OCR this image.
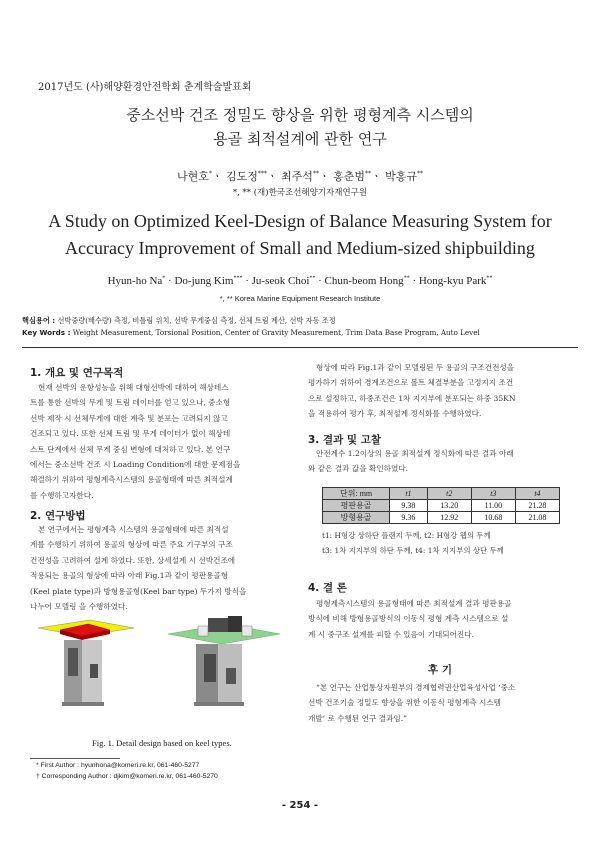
2017년도 (사)해양환경안전학회 춘계학술발표회
중소선박 건조 정밀도 향상을 위한 평형계측 시스템의
용골 최적설계에 관한 연구
나현호*ㆍ 김도정***ㆍ 최주석**ㆍ 홍춘범**ㆍ 박홍규**
*, ** (재)한국조선해양기자재연구원
A Study on Optimized Keel-Design of Balance Measuring System for
Accuracy Improvement of Small and Medium-sized shipbuilding
Hyun-ho Na* · Do-jung Kim*** · Ju-seok Choi** · Chun-beom Hong** · Hong-kyu Park**
*, ** Korea Marine Equipment Research Institute
핵심용어 : 선박중량(배수량) 측정, 비틀림 위치, 선박 무게중심 측정, 선체 트림 계산, 선박 자동 조정
Key Words : Weight Measurement, Torsional Position, Center of Gravity Measurement, Trim Data Base Program, Auto Level
1. 개요 및 연구목적
현재 선박의 운항성능을 위해 대형선박에 대하여 해상테스
트를 통한 선박의 무게 및 트림 데이터를 얻고 있으나, 중소형
선박 제작 시 선체무게에 대한 계측 및 분포는 고려되지 않고
건조되고 있다. 또한 선체 트림 및 무게 데이터가 없이 해상테
스트 단계에서 선체 무게 중심 변형에 대처하고 있다. 본 연구
에서는 중소선박 건조 시 Loading Condition에 대한 문제점을
해결하기 위하여 평형계측시스템의 용골형태에 따른 최적설계
를 수행하고자한다.
2. 연구방법
본 연구에서는 평형계측 시스템의 용골형태에 따른 최적설
계를 수행하기 위하여 용골의 형상에 따른 주요 기구부의 구조
건전성을 고려하여 설계 하였다. 또한, 상세설계 시 선박건조에
적용되는 용골의 형상에 따라 아래 Fig.1과 같이 평판용골형
(Keel plate type)과 방형용골형(Keel bar type) 두가지 방식을
나누어 모델링 을 수행하였다.
Fig. 1. Detail design based on keel types.
* First Author : hyunhona@komeri.re.kr, 061-460-5277
† Corresponding Author : djkim@komeri.re.kr, 061-460-5270
형상에 따라 Fig.1과 같이 모델링된 두 용골의 구조건전성을
평가하기 위하여 경계조건으로 볼트 체결부분을 고정지지 조건
으로 설정하고, 하중조건은 1차 지지부에 분포되는 하중 35KN
을 적용하여 평가 후, 최적설계 정식화를 수행하였다.
3. 결과 및 고찰
안전계수 1.2이상의 용골 최적설계 정식화에 따른 결과 아래
와 같은 결과 값을 확인하였다.
단위: mm	t1	t2	t3	t4
평판용골	9.38	13.20	11.00	21.28
방형용골	9.36	12.92	10.68	21.08
t1: H형강 상하단 플랜지 두께, t2: H형강 웹의 두께
t3: 1차 지지부의 하단 두께, t4: 1차 지지부의 상단 두께
4. 결 론
평형계측시스템의 용골형태에 따른 최적설계 결과 평판용골
방식에 비해 방형용골방식의 이동식 평형 계측 시스템으로 설
계 시 중구조 설계를 피할 수 있음이 기대되어진다.
후 기
“본 연구는 산업통상자원부의 경제협력권산업육성사업 ‘중소
선박 건조기술 정밀도 향상을 위한 이동식 평형계측 시스템
개발’ 로 수행된 연구 결과임.”
- 254 -
